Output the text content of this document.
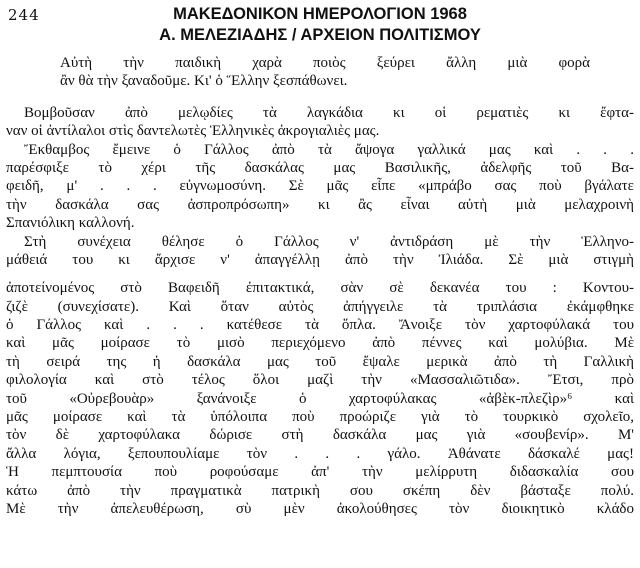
244	ΜΑΚΕΔΟΝΙΚΟΝ ΗΜΕΡΟΛΟΓΙΟΝ 1968
Α. ΜΕΛΕΖΙΑΔΗΣ / ΑΡΧΕΙΟΝ ΠΟΛΙΤΙΣΜΟΥ
Αὐτὴ τὴν παιδικὴ χαρὰ ποιὸς ξεύρει ἄλλη μιὰ φορὰ
ἂν θὰ τὴν ξαναδοῦμε. Κι' ὁ Ἕλλην ξεσπάθωνει.
Βομβοῦσαν ἀπὸ μελῳδίες τὰ λαγκάδια κι οἱ ρεματιὲς κι ἔφτα-
ναν οἱ ἀντίλαλοι στὶς δαντελωτὲς Ἑλληνικὲς ἀκρογιαλιὲς μας.
Ἔκθαμβος ἔμεινε ὁ Γάλλος ἀπὸ τὰ ἄψογα γαλλικά μας καὶ . . .
παρέσφιξε τὸ χέρι τῆς δασκάλας μας Βασιλικῆς, ἀδελφῆς τοῦ Βα-
φειδῆ, μ' . . . εὐγνωμοσύνη. Σὲ μᾶς εἶπε «μπράβο σας ποὺ βγάλατε
τὴν δασκάλα σας ἀσπροπρόσωπη» κι ἂς εἶναι αὐτὴ μιὰ μελαχροινὴ
Σπανιόλικη καλλονή.
Στὴ συνέχεια θέλησε ὁ Γάλλος ν' ἀντιδράση μὲ τὴν Ἑλληνο-
μάθειά του κι ἄρχισε ν' ἀπαγγέλλῃ ἀπὸ τὴν Ἰλιάδα. Σὲ μιὰ στιγμὴ
ἀποτείνομένος στὸ Βαφειδῆ ἐπιτακτικά, σὰν σὲ δεκανέα του : Κοντου-
ζιζὲ (συνεχίσατε). Καὶ ὅταν αὐτὸς ἀπήγγειλε τὰ τριπλάσια ἐκάμφθηκε
ὁ Γάλλος καὶ . . . κατέθεσε τὰ ὅπλα. Ἄνοιξε τὸν χαρτοφύλακά του
καὶ μᾶς μοίρασε τὸ μισὸ περιεχόμενο ἀπὸ πέννες καὶ μολύβια. Μὲ
τὴ σειρά της ἡ δασκάλα μας τοῦ ἔψαλε μερικὰ ἀπὸ τὴ Γαλλικὴ
φιλολογία καὶ στὸ τέλος ὅλοι μαζὶ τὴν «Μασσαλιῶτιδα». Ἔτσι, πρὸ
τοῦ «Οὐρεβουὰρ» ξανάνοιξε ὁ χαρτοφύλακας «ἀβὲκ-πλεζὶρ»⁶ καὶ
μᾶς μοίρασε καὶ τὰ ὑπόλοιπα ποὺ προώριζε γιὰ τὸ τουρκικὸ σχολεῖο,
τὸν δὲ χαρτοφύλακα δώρισε στὴ δασκάλα μας γιὰ «σουβενίρ». Μ'
ἄλλα λόγια, ξεπουπουλίαμε τὸν . . . γάλο. Ἀθάνατε δάσκαλέ μας!
Ἡ πεμπτουσία ποὺ ροφούσαμε ἀπ' τὴν μελίρρυτη διδασκαλία σου
κάτω ἀπὸ τὴν πραγματικὰ πατρικὴ σου σκέπη δὲν βάσταξε πολύ.
Μὲ τὴν ἀπελευθέρωση, σὺ μὲν ἀκολούθησες τὸν διοικητικὸ κλάδο
